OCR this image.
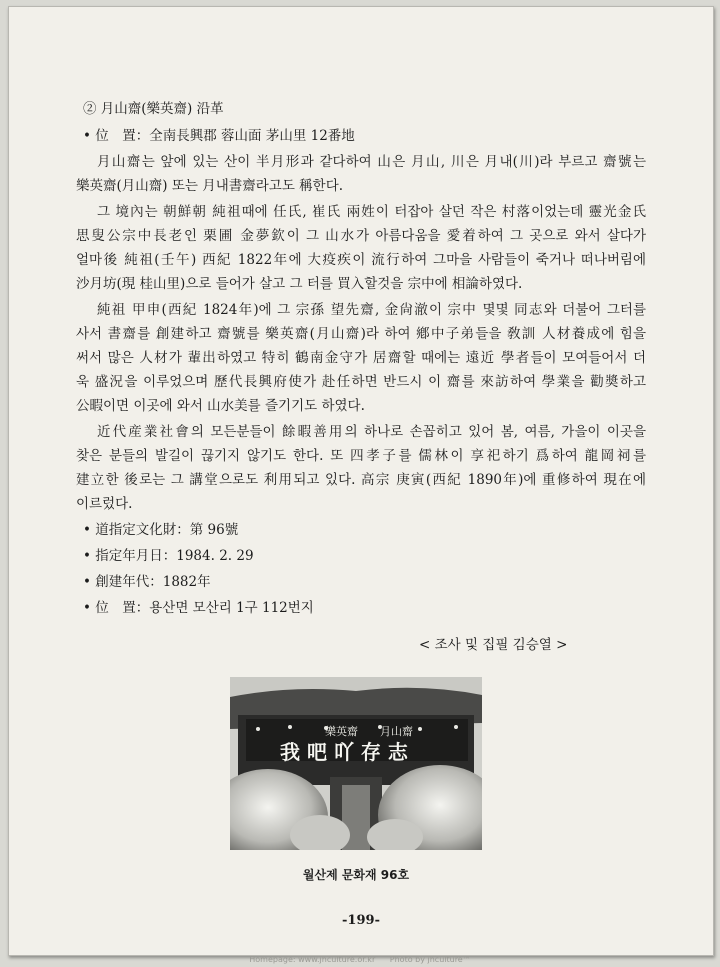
② 月山齋(樂英齋) 沿革
• 位　置：全南長興郡 蓉山面 茅山里 12番地
月山齋는 앞에 있는 산이 半月形과 같다하여 山은 月山, 川은 月내(川)라 부르고 齋號는
樂英齋(月山齋) 또는 月내書齋라고도 稱한다.
그 境內는 朝鮮朝 純祖때에 任氏, 崔氏 兩姓이 터잡아 살던 작은 村落이었는데 靈光金氏
思叟公宗中長老인 栗圃 金夢欽이 그 山水가 아름다움을 愛着하여 그 곳으로 와서 살다가
얼마後 純祖(壬午) 西紀 1822年에 大疫疾이 流行하여 그마을 사람들이 죽거나 떠나버림에
沙月坊(現 桂山里)으로 들어가 살고 그 터를 買入할것을 宗中에 相論하였다.
純祖 甲申(西紀 1824年)에 그 宗孫 望先齋, 金尙澈이 宗中 몇몇 同志와 더불어 그터를
사서 書齋를 創建하고 齋號를 樂英齋(月山齋)라 하여 鄕中子弟들을 敎訓 人材養成에 힘을
써서 많은 人材가 輩出하였고 特히 鶴南金守가 居齋할 때에는 遠近 學者들이 모여들어서 더
욱 盛況을 이루었으며 歷代長興府使가 赴任하면 반드시 이 齋를 來訪하여 學業을 勸奬하고
公暇이면 이곳에 와서 山水美를 즐기기도 하였다.
近代産業社會의 모든분들이 餘暇善用의 하나로 손꼽히고 있어 봄, 여름, 가을이 이곳을
찾은 분들의 발길이 끊기지 않기도 한다. 또 四孝子를 儒林이 享祀하기 爲하여 龍岡祠를
建立한 後로는 그 講堂으로도 利用되고 있다. 高宗 庚寅(西紀 1890年)에 重修하여 現在에
이르렀다.
• 道指定文化財：第 96號
• 指定年月日：1984. 2. 29
• 創建年代：1882年
• 位　置：용산면 모산리 1구 112번지
< 조사 및 집필 김승열 >
樂英齋 月山齋
我 吧 吖 存 志
월산제 문화재 96호
-199-
Homepage: www.jhculture.or.kr Photo by jhculture™
